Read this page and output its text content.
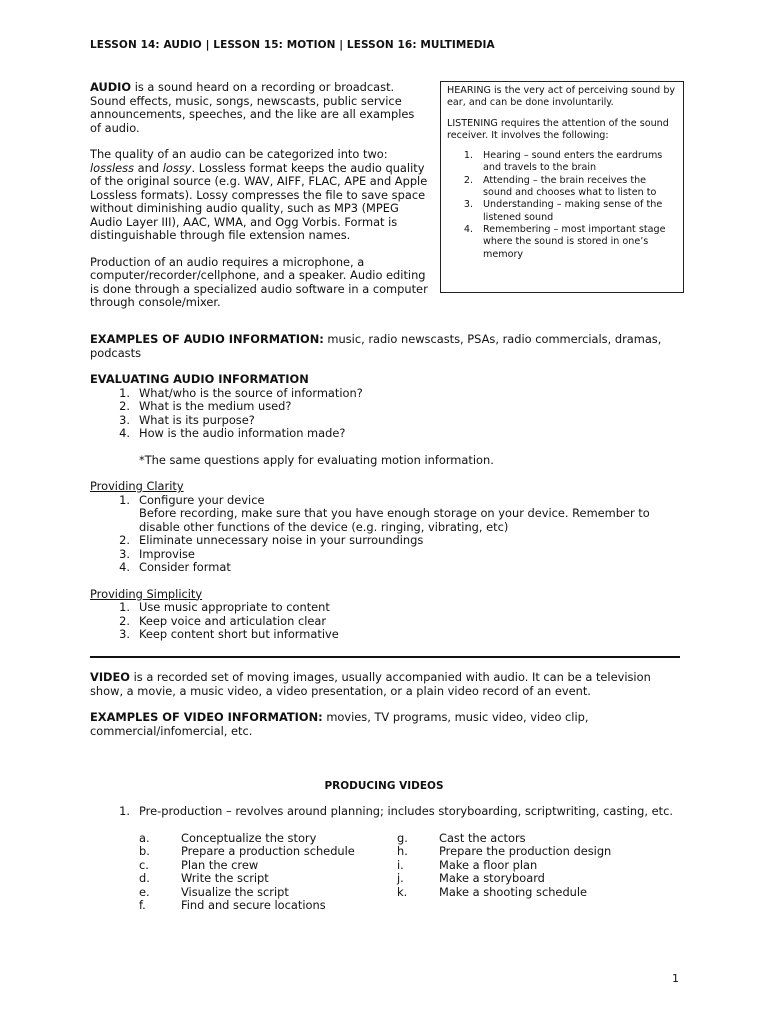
LESSON 14: AUDIO | LESSON 15: MOTION | LESSON 16: MULTIMEDIA

AUDIO is a sound heard on a recording or broadcast. Sound effects, music, songs, newscasts, public service announcements, speeches, and the like are all examples of audio.

The quality of an audio can be categorized into two: lossless and lossy. Lossless format keeps the audio quality of the original source (e.g. WAV, AIFF, FLAC, APE and Apple Lossless formats). Lossy compresses the file to save space without diminishing audio quality, such as MP3 (MPEG Audio Layer III), AAC, WMA, and Ogg Vorbis. Format is distinguishable through file extension names.

Production of an audio requires a microphone, a computer/recorder/cellphone, and a speaker. Audio editing is done through a specialized audio software in a computer through console/mixer.

HEARING is the very act of perceiving sound by ear, and can be done involuntarily.

LISTENING requires the attention of the sound receiver. It involves the following:

1.	Hearing – sound enters the eardrums and travels to the brain
2.	Attending – the brain receives the sound and chooses what to listen to
3.	Understanding – making sense of the listened sound
4.	Remembering – most important stage where the sound is stored in one’s memory

EXAMPLES OF AUDIO INFORMATION: music, radio newscasts, PSAs, radio commercials, dramas, podcasts

EVALUATING AUDIO INFORMATION

1. What/who is the source of information?
2. What is the medium used?
3. What is its purpose?
4. How is the audio information made?

*The same questions apply for evaluating motion information.

Providing Clarity

1. Configure your device
Before recording, make sure that you have enough storage on your device. Remember to disable other functions of the device (e.g. ringing, vibrating, etc)
2. Eliminate unnecessary noise in your surroundings
3. Improvise
4. Consider format

Providing Simplicity

1. Use music appropriate to content
2. Keep voice and articulation clear
3. Keep content short but informative

VIDEO is a recorded set of moving images, usually accompanied with audio. It can be a television show, a movie, a music video, a video presentation, or a plain video record of an event.

EXAMPLES OF VIDEO INFORMATION: movies, TV programs, music video, video clip, commercial/infomercial, etc.

PRODUCING VIDEOS
1. Pre-production – revolves around planning; includes storyboarding, scriptwriting, casting, etc.
a.	Conceptualize the story
b.	Prepare a production schedule
c.	Plan the crew
d.	Write the script
e.	Visualize the script
f.	Find and secure locations
g.	Cast the actors
h.	Prepare the production design
i.	Make a floor plan
j.	Make a storyboard
k.	Make a shooting schedule
1
